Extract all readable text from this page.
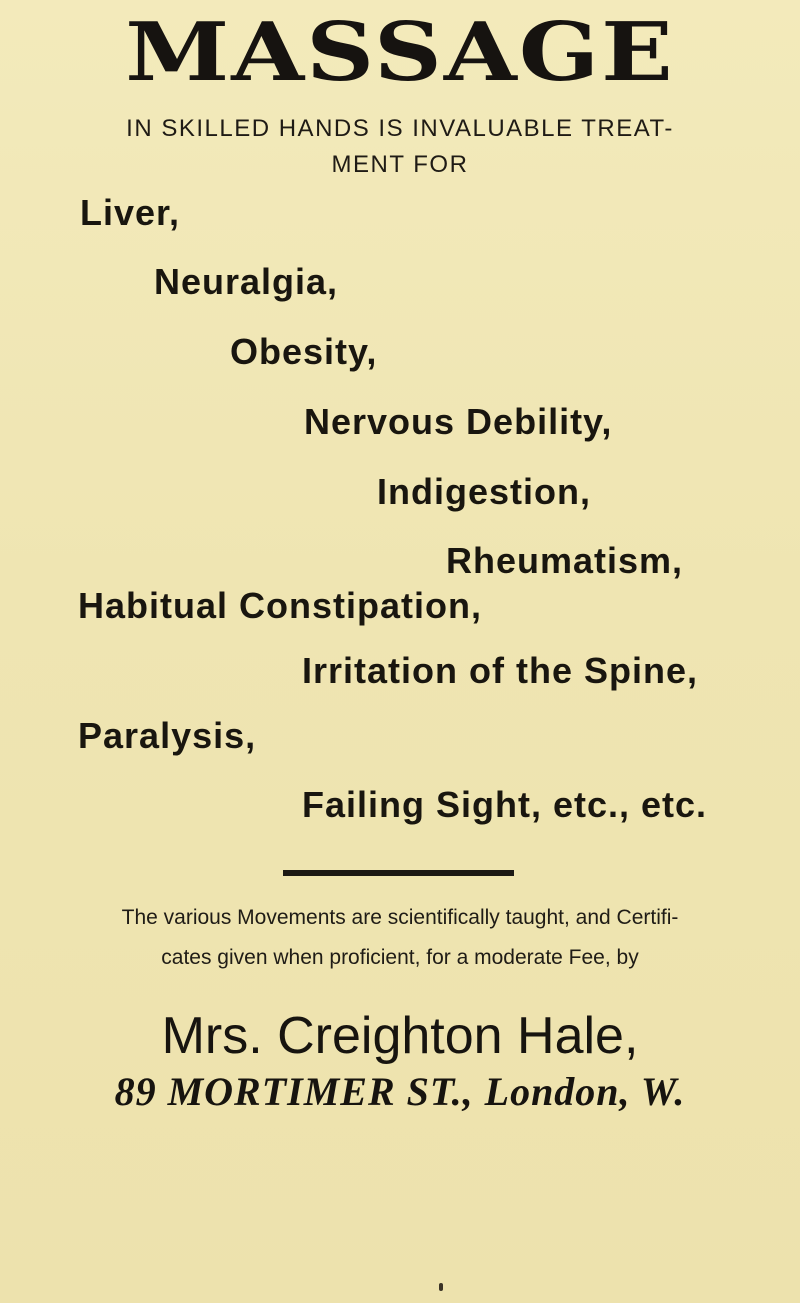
MASSAGE
IN SKILLED HANDS IS INVALUABLE TREAT-
MENT FOR
Liver,
Neuralgia,
Obesity,
Nervous Debility,
Indigestion,
Rheumatism,
Habitual Constipation,
Irritation of the Spine,
Paralysis,
Failing Sight, etc., etc.
The various Movements are scientifically taught, and Certifi-
cates given when proficient, for a moderate Fee, by
Mrs. Creighton Hale,
89 MORTIMER ST., London, W.
